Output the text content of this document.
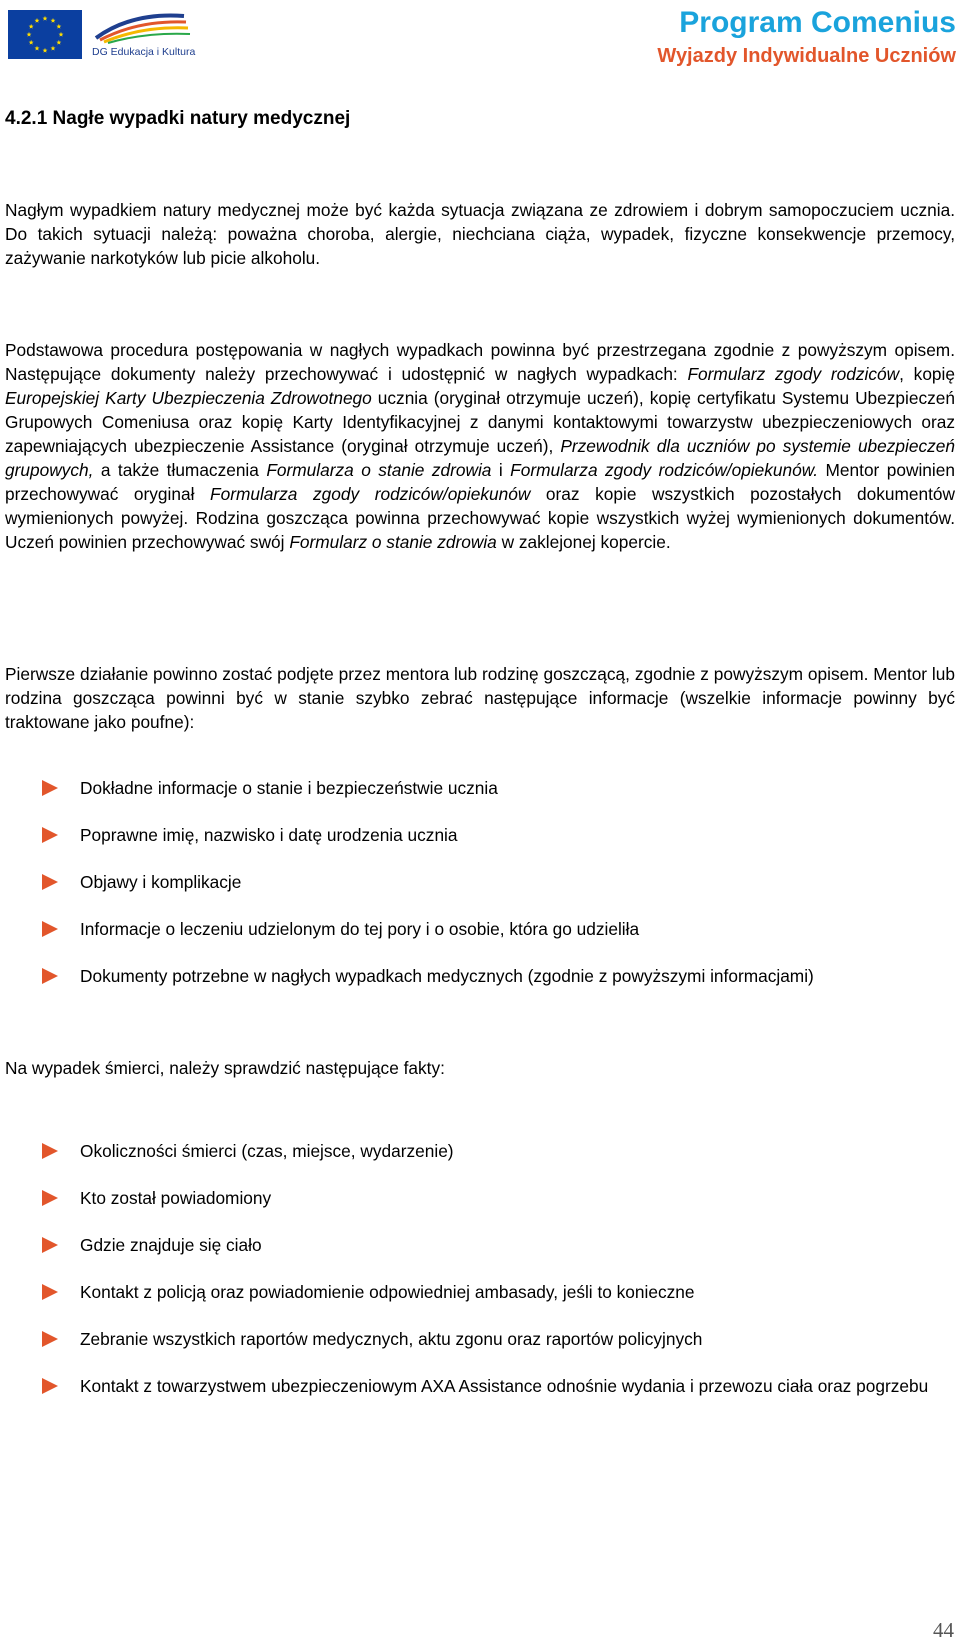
DG Edukacja i Kultura
Program Comenius
Wyjazdy Indywidualne Uczniów
4.2.1 Nagłe wypadki natury medycznej

Nagłym wypadkiem natury medycznej może być każda sytuacja związana ze zdrowiem i dobrym samopoczuciem ucznia. Do takich sytuacji należą: poważna choroba, alergie, niechciana ciąża, wypadek, fizyczne konsekwencje przemocy, zażywanie narkotyków lub picie alkoholu.

Podstawowa procedura postępowania w nagłych wypadkach powinna być przestrzegana zgodnie z powyższym opisem. Następujące dokumenty należy przechowywać i udostępnić w nagłych wypadkach: Formularz zgody rodziców, kopię Europejskiej Karty Ubezpieczenia Zdrowotnego ucznia (oryginał otrzymuje uczeń), kopię certyfikatu Systemu Ubezpieczeń Grupowych Comeniusa oraz kopię Karty Identyfikacyjnej z danymi kontaktowymi towarzystw ubezpieczeniowych oraz zapewniających ubezpieczenie Assistance (oryginał otrzymuje uczeń), Przewodnik dla uczniów po systemie ubezpieczeń grupowych, a także tłumaczenia Formularza o stanie zdrowia i Formularza zgody rodziców/opiekunów. Mentor powinien przechowywać oryginał Formularza zgody rodziców/opiekunów oraz kopie wszystkich pozostałych dokumentów wymienionych powyżej. Rodzina goszcząca powinna przechowywać kopie wszystkich wyżej wymienionych dokumentów. Uczeń powinien przechowywać swój Formularz o stanie zdrowia w zaklejonej kopercie.

Pierwsze działanie powinno zostać podjęte przez mentora lub rodzinę goszczącą, zgodnie z powyższym opisem. Mentor lub rodzina goszcząca powinni być w stanie szybko zebrać następujące informacje (wszelkie informacje powinny być traktowane jako poufne):

Dokładne informacje o stanie i bezpieczeństwie ucznia
Poprawne imię, nazwisko i datę urodzenia ucznia
Objawy i komplikacje
Informacje o leczeniu udzielonym do tej pory i o osobie, która go udzieliła
Dokumenty potrzebne w nagłych wypadkach medycznych (zgodnie z powyższymi informacjami)
Na wypadek śmierci, należy sprawdzić następujące fakty:
Okoliczności śmierci (czas, miejsce, wydarzenie)
Kto został powiadomiony
Gdzie znajduje się ciało
Kontakt z policją oraz powiadomienie odpowiedniej ambasady, jeśli to konieczne
Zebranie wszystkich raportów medycznych, aktu zgonu oraz raportów policyjnych
Kontakt z towarzystwem ubezpieczeniowym AXA Assistance odnośnie wydania i przewozu ciała oraz pogrzebu
44
